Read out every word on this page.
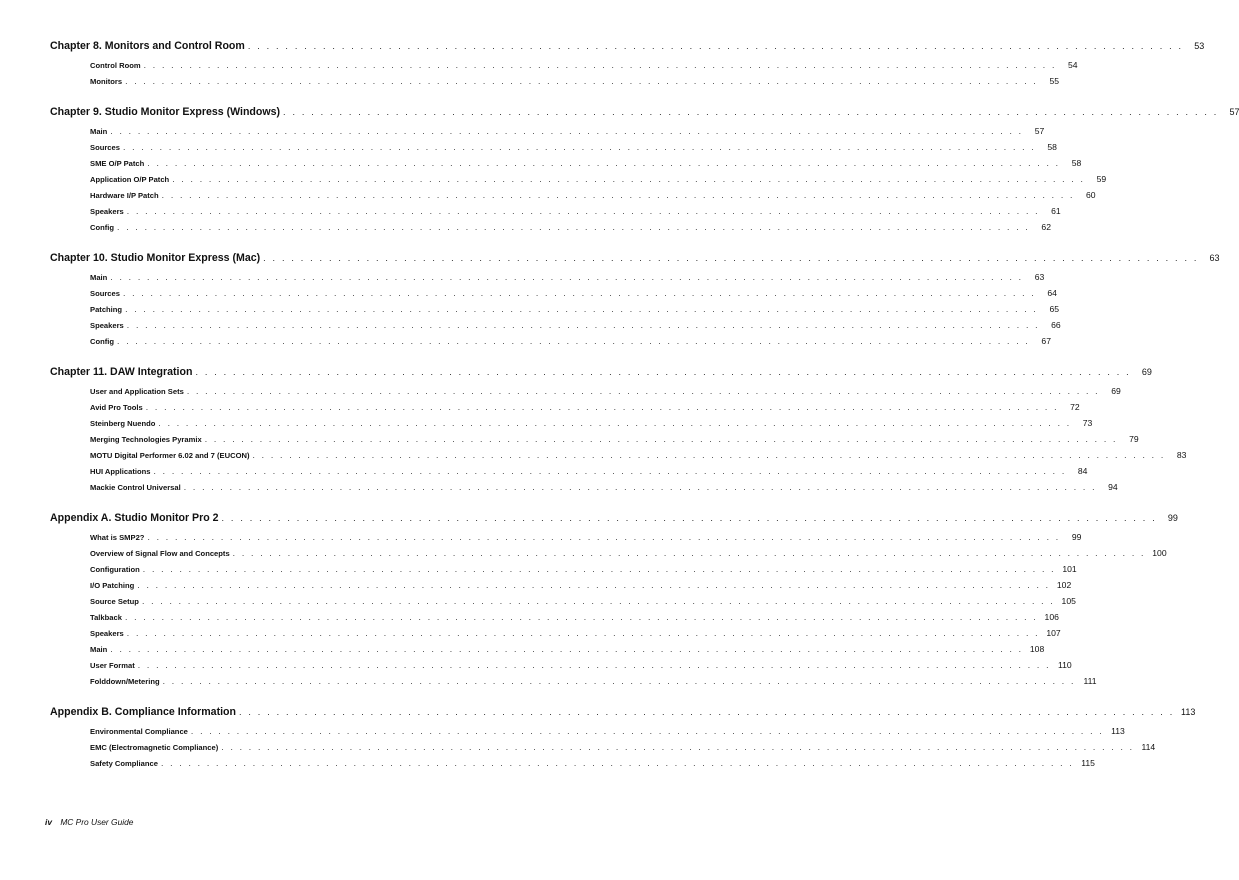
Chapter 8. Monitors and Control Room . . . . . . . . . . . . . . . . . . . . . . . . . . . . . . . . . . . . . . . . . . . . . . . . . . . . . . . . . . . . . . . . . . . . . . . . . . . . . . . . . . . . . . . . . . . . . . . . . . . .	53
Control Room . . . . . . . . . . . . . . . . . . . . . . . . . . . . . . . . . . . . . . . . . . . . . . . . . . . . . . . . . . . . . . . . . . . . . . . . . . . . . . . . . . . . . . . . . . . . . . . . . . . .	54
Monitors . . . . . . . . . . . . . . . . . . . . . . . . . . . . . . . . . . . . . . . . . . . . . . . . . . . . . . . . . . . . . . . . . . . . . . . . . . . . . . . . . . . . . . . . . . . . . . . . . . . .	55
Chapter 9. Studio Monitor Express (Windows) . . . . . . . . . . . . . . . . . . . . . . . . . . . . . . . . . . . . . . . . . . . . . . . . . . . . . . . . . . . . . . . . . . . . . . . . . . . . . . . . . . . . . . . . . . . . . . . . . . . .	57
Main . . . . . . . . . . . . . . . . . . . . . . . . . . . . . . . . . . . . . . . . . . . . . . . . . . . . . . . . . . . . . . . . . . . . . . . . . . . . . . . . . . . . . . . . . . . . . . . . . . . .	57
Sources . . . . . . . . . . . . . . . . . . . . . . . . . . . . . . . . . . . . . . . . . . . . . . . . . . . . . . . . . . . . . . . . . . . . . . . . . . . . . . . . . . . . . . . . . . . . . . . . . . . .	58
SME O/P Patch . . . . . . . . . . . . . . . . . . . . . . . . . . . . . . . . . . . . . . . . . . . . . . . . . . . . . . . . . . . . . . . . . . . . . . . . . . . . . . . . . . . . . . . . . . . . . . . . . . . .	58
Application O/P Patch . . . . . . . . . . . . . . . . . . . . . . . . . . . . . . . . . . . . . . . . . . . . . . . . . . . . . . . . . . . . . . . . . . . . . . . . . . . . . . . . . . . . . . . . . . . . . . . . . . . .	59
Hardware I/P Patch . . . . . . . . . . . . . . . . . . . . . . . . . . . . . . . . . . . . . . . . . . . . . . . . . . . . . . . . . . . . . . . . . . . . . . . . . . . . . . . . . . . . . . . . . . . . . . . . . . . .	60
Speakers . . . . . . . . . . . . . . . . . . . . . . . . . . . . . . . . . . . . . . . . . . . . . . . . . . . . . . . . . . . . . . . . . . . . . . . . . . . . . . . . . . . . . . . . . . . . . . . . . . . .	61
Config . . . . . . . . . . . . . . . . . . . . . . . . . . . . . . . . . . . . . . . . . . . . . . . . . . . . . . . . . . . . . . . . . . . . . . . . . . . . . . . . . . . . . . . . . . . . . . . . . . . .	62
Chapter 10. Studio Monitor Express (Mac) . . . . . . . . . . . . . . . . . . . . . . . . . . . . . . . . . . . . . . . . . . . . . . . . . . . . . . . . . . . . . . . . . . . . . . . . . . . . . . . . . . . . . . . . . . . . . . . . . . . .	63
Main . . . . . . . . . . . . . . . . . . . . . . . . . . . . . . . . . . . . . . . . . . . . . . . . . . . . . . . . . . . . . . . . . . . . . . . . . . . . . . . . . . . . . . . . . . . . . . . . . . . .	63
Sources . . . . . . . . . . . . . . . . . . . . . . . . . . . . . . . . . . . . . . . . . . . . . . . . . . . . . . . . . . . . . . . . . . . . . . . . . . . . . . . . . . . . . . . . . . . . . . . . . . . .	64
Patching . . . . . . . . . . . . . . . . . . . . . . . . . . . . . . . . . . . . . . . . . . . . . . . . . . . . . . . . . . . . . . . . . . . . . . . . . . . . . . . . . . . . . . . . . . . . . . . . . . . .	65
Speakers . . . . . . . . . . . . . . . . . . . . . . . . . . . . . . . . . . . . . . . . . . . . . . . . . . . . . . . . . . . . . . . . . . . . . . . . . . . . . . . . . . . . . . . . . . . . . . . . . . . .	66
Config . . . . . . . . . . . . . . . . . . . . . . . . . . . . . . . . . . . . . . . . . . . . . . . . . . . . . . . . . . . . . . . . . . . . . . . . . . . . . . . . . . . . . . . . . . . . . . . . . . . .	67
Chapter 11. DAW Integration . . . . . . . . . . . . . . . . . . . . . . . . . . . . . . . . . . . . . . . . . . . . . . . . . . . . . . . . . . . . . . . . . . . . . . . . . . . . . . . . . . . . . . . . . . . . . . . . . . . .	69
User and Application Sets . . . . . . . . . . . . . . . . . . . . . . . . . . . . . . . . . . . . . . . . . . . . . . . . . . . . . . . . . . . . . . . . . . . . . . . . . . . . . . . . . . . . . . . . . . . . . . . . . . . .	69
Avid Pro Tools . . . . . . . . . . . . . . . . . . . . . . . . . . . . . . . . . . . . . . . . . . . . . . . . . . . . . . . . . . . . . . . . . . . . . . . . . . . . . . . . . . . . . . . . . . . . . . . . . . . .	72
Steinberg Nuendo . . . . . . . . . . . . . . . . . . . . . . . . . . . . . . . . . . . . . . . . . . . . . . . . . . . . . . . . . . . . . . . . . . . . . . . . . . . . . . . . . . . . . . . . . . . . . . . . . . . .	73
Merging Technologies Pyramix . . . . . . . . . . . . . . . . . . . . . . . . . . . . . . . . . . . . . . . . . . . . . . . . . . . . . . . . . . . . . . . . . . . . . . . . . . . . . . . . . . . . . . . . . . . . . . . . . . . .	79
MOTU Digital Performer 6.02 and 7 (EUCON) . . . . . . . . . . . . . . . . . . . . . . . . . . . . . . . . . . . . . . . . . . . . . . . . . . . . . . . . . . . . . . . . . . . . . . . . . . . . . . . . . . . . . . . . . . . . . . . . . . . .	83
HUI Applications . . . . . . . . . . . . . . . . . . . . . . . . . . . . . . . . . . . . . . . . . . . . . . . . . . . . . . . . . . . . . . . . . . . . . . . . . . . . . . . . . . . . . . . . . . . . . . . . . . . .	84
Mackie Control Universal . . . . . . . . . . . . . . . . . . . . . . . . . . . . . . . . . . . . . . . . . . . . . . . . . . . . . . . . . . . . . . . . . . . . . . . . . . . . . . . . . . . . . . . . . . . . . . . . . . . .	94
Appendix A. Studio Monitor Pro 2 . . . . . . . . . . . . . . . . . . . . . . . . . . . . . . . . . . . . . . . . . . . . . . . . . . . . . . . . . . . . . . . . . . . . . . . . . . . . . . . . . . . . . . . . . . . . . . . . . . . .	99
What is SMP2? . . . . . . . . . . . . . . . . . . . . . . . . . . . . . . . . . . . . . . . . . . . . . . . . . . . . . . . . . . . . . . . . . . . . . . . . . . . . . . . . . . . . . . . . . . . . . . . . . . . .	99
Overview of Signal Flow and Concepts . . . . . . . . . . . . . . . . . . . . . . . . . . . . . . . . . . . . . . . . . . . . . . . . . . . . . . . . . . . . . . . . . . . . . . . . . . . . . . . . . . . . . . . . . . . . . . . . . . . . 100
Configuration . . . . . . . . . . . . . . . . . . . . . . . . . . . . . . . . . . . . . . . . . . . . . . . . . . . . . . . . . . . . . . . . . . . . . . . . . . . . . . . . . . . . . . . . . . . . . . . . . . . . 101
I/O Patching . . . . . . . . . . . . . . . . . . . . . . . . . . . . . . . . . . . . . . . . . . . . . . . . . . . . . . . . . . . . . . . . . . . . . . . . . . . . . . . . . . . . . . . . . . . . . . . . . . . . 102
Source Setup . . . . . . . . . . . . . . . . . . . . . . . . . . . . . . . . . . . . . . . . . . . . . . . . . . . . . . . . . . . . . . . . . . . . . . . . . . . . . . . . . . . . . . . . . . . . . . . . . . . . 105
Talkback . . . . . . . . . . . . . . . . . . . . . . . . . . . . . . . . . . . . . . . . . . . . . . . . . . . . . . . . . . . . . . . . . . . . . . . . . . . . . . . . . . . . . . . . . . . . . . . . . . . . 106
Speakers . . . . . . . . . . . . . . . . . . . . . . . . . . . . . . . . . . . . . . . . . . . . . . . . . . . . . . . . . . . . . . . . . . . . . . . . . . . . . . . . . . . . . . . . . . . . . . . . . . . . 107
Main . . . . . . . . . . . . . . . . . . . . . . . . . . . . . . . . . . . . . . . . . . . . . . . . . . . . . . . . . . . . . . . . . . . . . . . . . . . . . . . . . . . . . . . . . . . . . . . . . . . . 108
User Format . . . . . . . . . . . . . . . . . . . . . . . . . . . . . . . . . . . . . . . . . . . . . . . . . . . . . . . . . . . . . . . . . . . . . . . . . . . . . . . . . . . . . . . . . . . . . . . . . . . . 110
Folddown/Metering . . . . . . . . . . . . . . . . . . . . . . . . . . . . . . . . . . . . . . . . . . . . . . . . . . . . . . . . . . . . . . . . . . . . . . . . . . . . . . . . . . . . . . . . . . . . . . . . . . . . 111
Appendix B. Compliance Information . . . . . . . . . . . . . . . . . . . . . . . . . . . . . . . . . . . . . . . . . . . . . . . . . . . . . . . . . . . . . . . . . . . . . . . . . . . . . . . . . . . . . . . . . . . . . . . . . . . . 113
Environmental Compliance . . . . . . . . . . . . . . . . . . . . . . . . . . . . . . . . . . . . . . . . . . . . . . . . . . . . . . . . . . . . . . . . . . . . . . . . . . . . . . . . . . . . . . . . . . . . . . . . . . . . 113
EMC (Electromagnetic Compliance) . . . . . . . . . . . . . . . . . . . . . . . . . . . . . . . . . . . . . . . . . . . . . . . . . . . . . . . . . . . . . . . . . . . . . . . . . . . . . . . . . . . . . . . . . . . . . . . . . . . . 114
Safety Compliance . . . . . . . . . . . . . . . . . . . . . . . . . . . . . . . . . . . . . . . . . . . . . . . . . . . . . . . . . . . . . . . . . . . . . . . . . . . . . . . . . . . . . . . . . . . . . . . . . . . . 115
iv MC Pro User Guide
